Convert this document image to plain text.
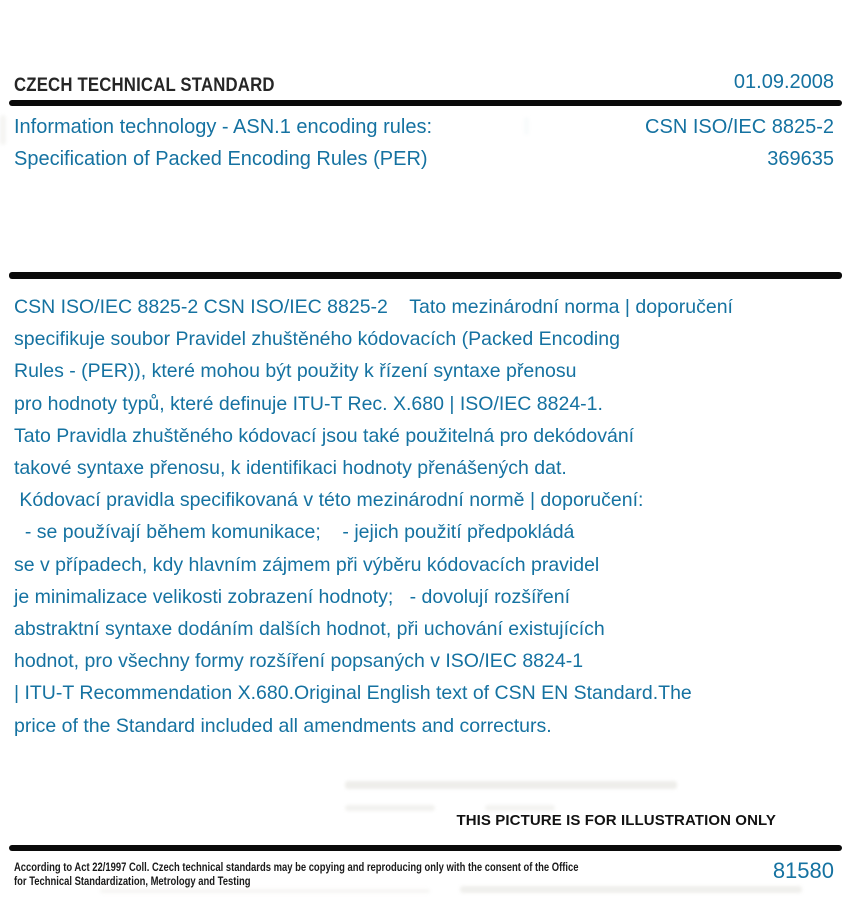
CZECH TECHNICAL STANDARD	01.09.2008
Information technology - ASN.1 encoding rules:
Specification of Packed Encoding Rules (PER)
CSN ISO/IEC 8825-2
369635
CSN ISO/IEC 8825-2 CSN ISO/IEC 8825-2    Tato mezinárodní norma | doporučení
specifikuje soubor Pravidel zhuštěného kódovacích (Packed Encoding
Rules - (PER)), které mohou být použity k řízení syntaxe přenosu
pro hodnoty typů, které definuje ITU-T Rec. X.680 | ISO/IEC 8824-1.
Tato Pravidla zhuštěného kódovací jsou také použitelná pro dekódování
takové syntaxe přenosu, k identifikaci hodnoty přenášených dat.
Kódovací pravidla specifikovaná v této mezinárodní normě | doporučení:
- se používají během komunikace;    - jejich použití předpokládá
se v případech, kdy hlavním zájmem při výběru kódovacích pravidel
je minimalizace velikosti zobrazení hodnoty;   - dovolují rozšíření
abstraktní syntaxe dodáním dalších hodnot, při uchování existujících
hodnot, pro všechny formy rozšíření popsaných v ISO/IEC 8824-1
| ITU-T Recommendation X.680.Original English text of CSN EN Standard.The
price of the Standard included all amendments and correcturs.
THIS PICTURE IS FOR ILLUSTRATION ONLY
According to Act 22/1997 Coll. Czech technical standards may be copying and reproducing only with the consent of the Office
for Technical Standardization, Metrology and Testing	81580
